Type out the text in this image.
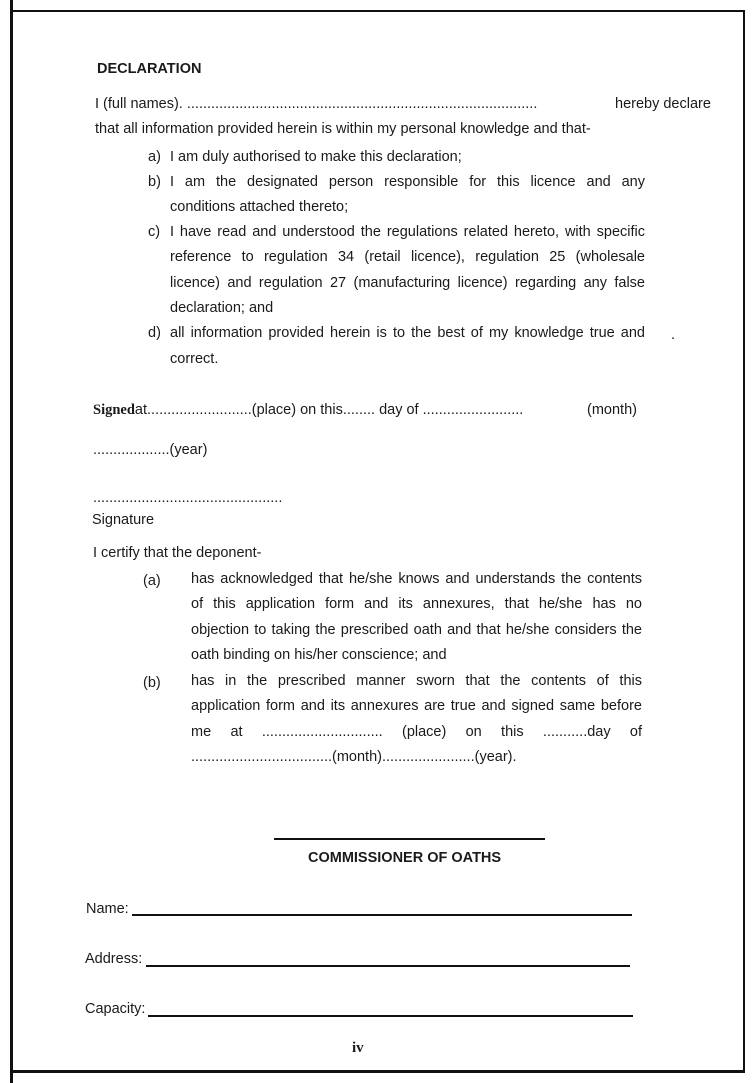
DECLARATION
I (full names). .......................................................................................	hereby declare
that all information provided herein is within my personal knowledge and that-
a) I am duly authorised to make this declaration;
b) I am the designated person responsible for this licence and any
conditions attached thereto;
c) I have read and understood the regulations related hereto, with specific
reference to regulation 34 (retail licence), regulation 25 (wholesale
licence) and regulation 27 (manufacturing licence) regarding any false
declaration; and
d) all information provided herein is to the best of my knowledge true and
correct.
.
Signedat..........................(place) on this........ day of .........................	(month)
...................(year)
...............................................
Signature
I certify that the deponent-
(a) has acknowledged that he/she knows and understands the contents
of this application form and its annexures, that he/she has no
objection to taking the prescribed oath and that he/she considers the
oath binding on his/her conscience; and
(b) has in the prescribed manner sworn that the contents of this
application form and its annexures are true and signed same before
me at .............................. (place) on this ...........day of
...................................(month).......................(year).
COMMISSIONER OF OATHS
Name:
Address:
Capacity:
iv
